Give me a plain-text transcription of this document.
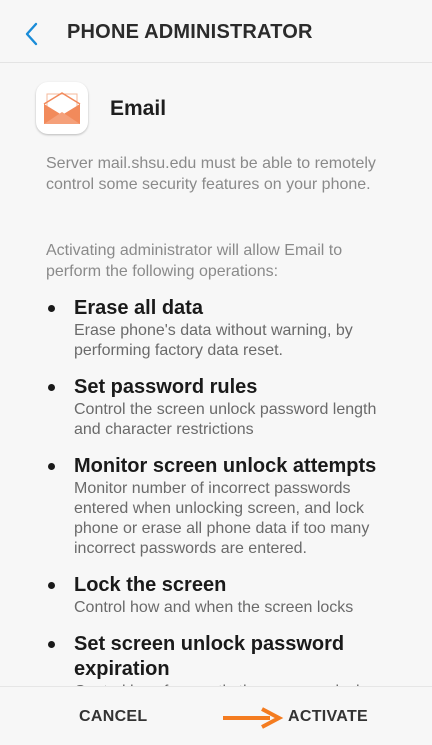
PHONE ADMINISTRATOR
Email
Server mail.shsu.edu must be able to remotely control some security features on your phone.
Activating administrator will allow Email to perform the following operations:
Erase all data
Erase phone's data without warning, by performing factory data reset.
Set password rules
Control the screen unlock password length and character restrictions
Monitor screen unlock attempts
Monitor number of incorrect passwords entered when unlocking screen, and lock phone or erase all phone data if too many incorrect passwords are entered.
Lock the screen
Control how and when the screen locks
Set screen unlock password expiration
CANCEL	ACTIVATE
